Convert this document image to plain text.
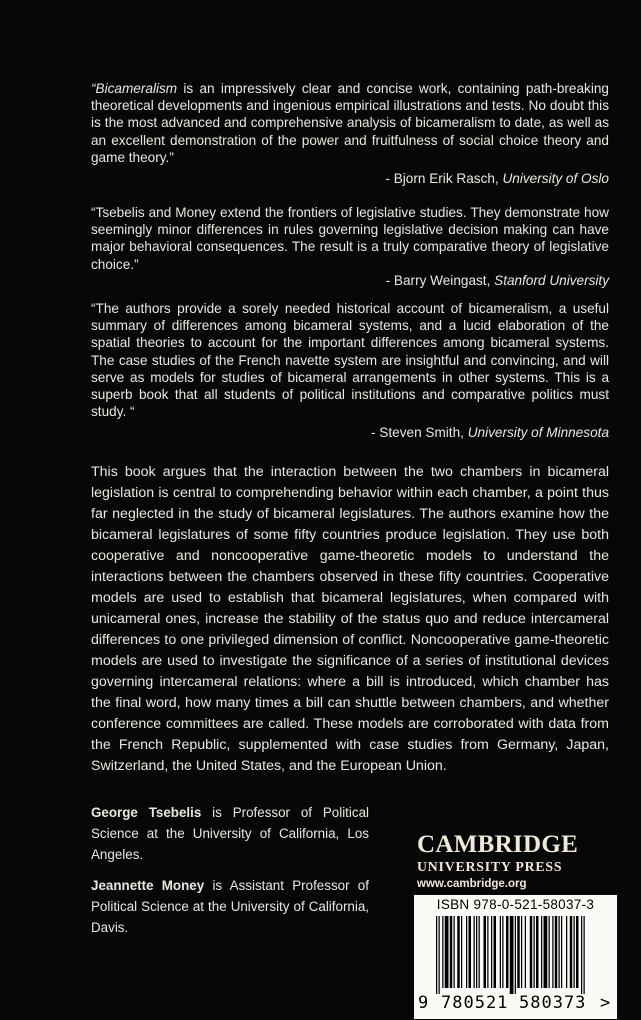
“Bicameralism is an impressively clear and concise work, containing path-breaking theoretical developments and ingenious empirical illustrations and tests. No doubt this is the most advanced and comprehensive analysis of bicameralism to date, as well as an excellent demonstration of the power and fruitfulness of social choice theory and game theory.”
- Bjorn Erik Rasch, University of Oslo
“Tsebelis and Money extend the frontiers of legislative studies. They demonstrate how seemingly minor differences in rules governing legislative decision making can have major behavioral consequences. The result is a truly comparative theory of legislative choice.”
- Barry Weingast, Stanford University
“The authors provide a sorely needed historical account of bicameralism, a useful summary of differences among bicameral systems, and a lucid elaboration of the spatial theories to account for the important differences among bicameral systems. The case studies of the French navette system are insightful and convincing, and will serve as models for studies of bicameral arrangements in other systems. This is a superb book that all students of political institutions and comparative politics must study. “
- Steven Smith, University of Minnesota
This book argues that the interaction between the two chambers in bicameral legislation is central to comprehending behavior within each chamber, a point thus far neglected in the study of bicameral legislatures. The authors examine how the bicameral legislatures of some fifty countries produce legislation. They use both cooperative and noncooperative game-theoretic models to understand the interactions between the chambers observed in these fifty countries. Cooperative models are used to establish that bicameral legislatures, when compared with unicameral ones, increase the stability of the status quo and reduce intercameral differences to one privileged dimension of conflict. Noncooperative game-theoretic models are used to investigate the significance of a series of institutional devices governing intercameral relations: where a bill is introduced, which chamber has the final word, how many times a bill can shuttle between chambers, and whether conference committees are called. These models are corroborated with data from the French Republic, supplemented with case studies from Germany, Japan, Switzerland, the United States, and the European Union.
George Tsebelis is Professor of Political Science at the University of California, Los Angeles.
Jeannette Money is Assistant Professor of Political Science at the University of California, Davis.
CAMBRIDGE
UNIVERSITY PRESS
www.cambridge.org
ISBN 978-0-521-58037-3
9 780521 580373 >
